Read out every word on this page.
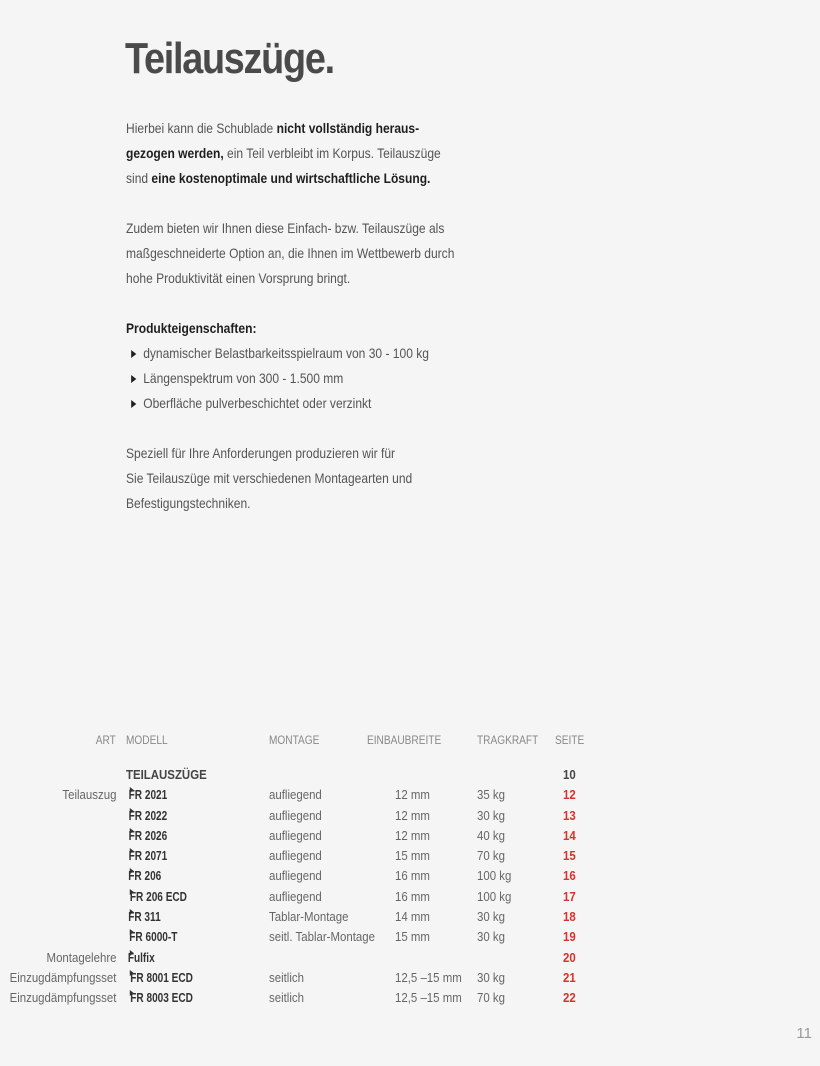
Teilauszüge.
Hierbei kann die Schublade nicht vollständig heraus-
gezogen werden, ein Teil verbleibt im Korpus. Teilauszüge
sind eine kostenoptimale und wirtschaftliche Lösung.
Zudem bieten wir Ihnen diese Einfach- bzw. Teilauszüge als
maßgeschneiderte Option an, die Ihnen im Wettbewerb durch
hohe Produktivität einen Vorsprung bringt.
Produkteigenschaften:
dynamischer Belastbarkeitsspielraum von 30 - 100 kg
Längenspektrum von 300 - 1.500 mm
Oberfläche pulverbeschichtet oder verzinkt
Speziell für Ihre Anforderungen produzieren wir für
Sie Teilauszüge mit verschiedenen Montagearten und
Befestigungstechniken.
ART MODELL	MONTAGE	EINBAUBREITE	TRAGKRAFT SEITE
TEILAUSZÜGE	10
Teilauszug FR 2021	aufliegend	12 mm	35 kg	12
FR 2022	aufliegend	12 mm	30 kg	13
FR 2026	aufliegend	12 mm	40 kg	14
FR 2071	aufliegend	15 mm	70 kg	15
FR 206	aufliegend	16 mm	100 kg	16
FR 206 ECD	aufliegend	16 mm	100 kg	17
FR 311	Tablar-Montage	14 mm	30 kg	18
FR 6000-T	seitl. Tablar-Montage 15 mm	30 kg	19
Montagelehre Fulfix	20
Einzugdämpfungsset FR 8001 ECD	seitlich	12,5 –15 mm 30 kg	21
Einzugdämpfungsset FR 8003 ECD	seitlich	12,5 –15 mm 70 kg	22
11
